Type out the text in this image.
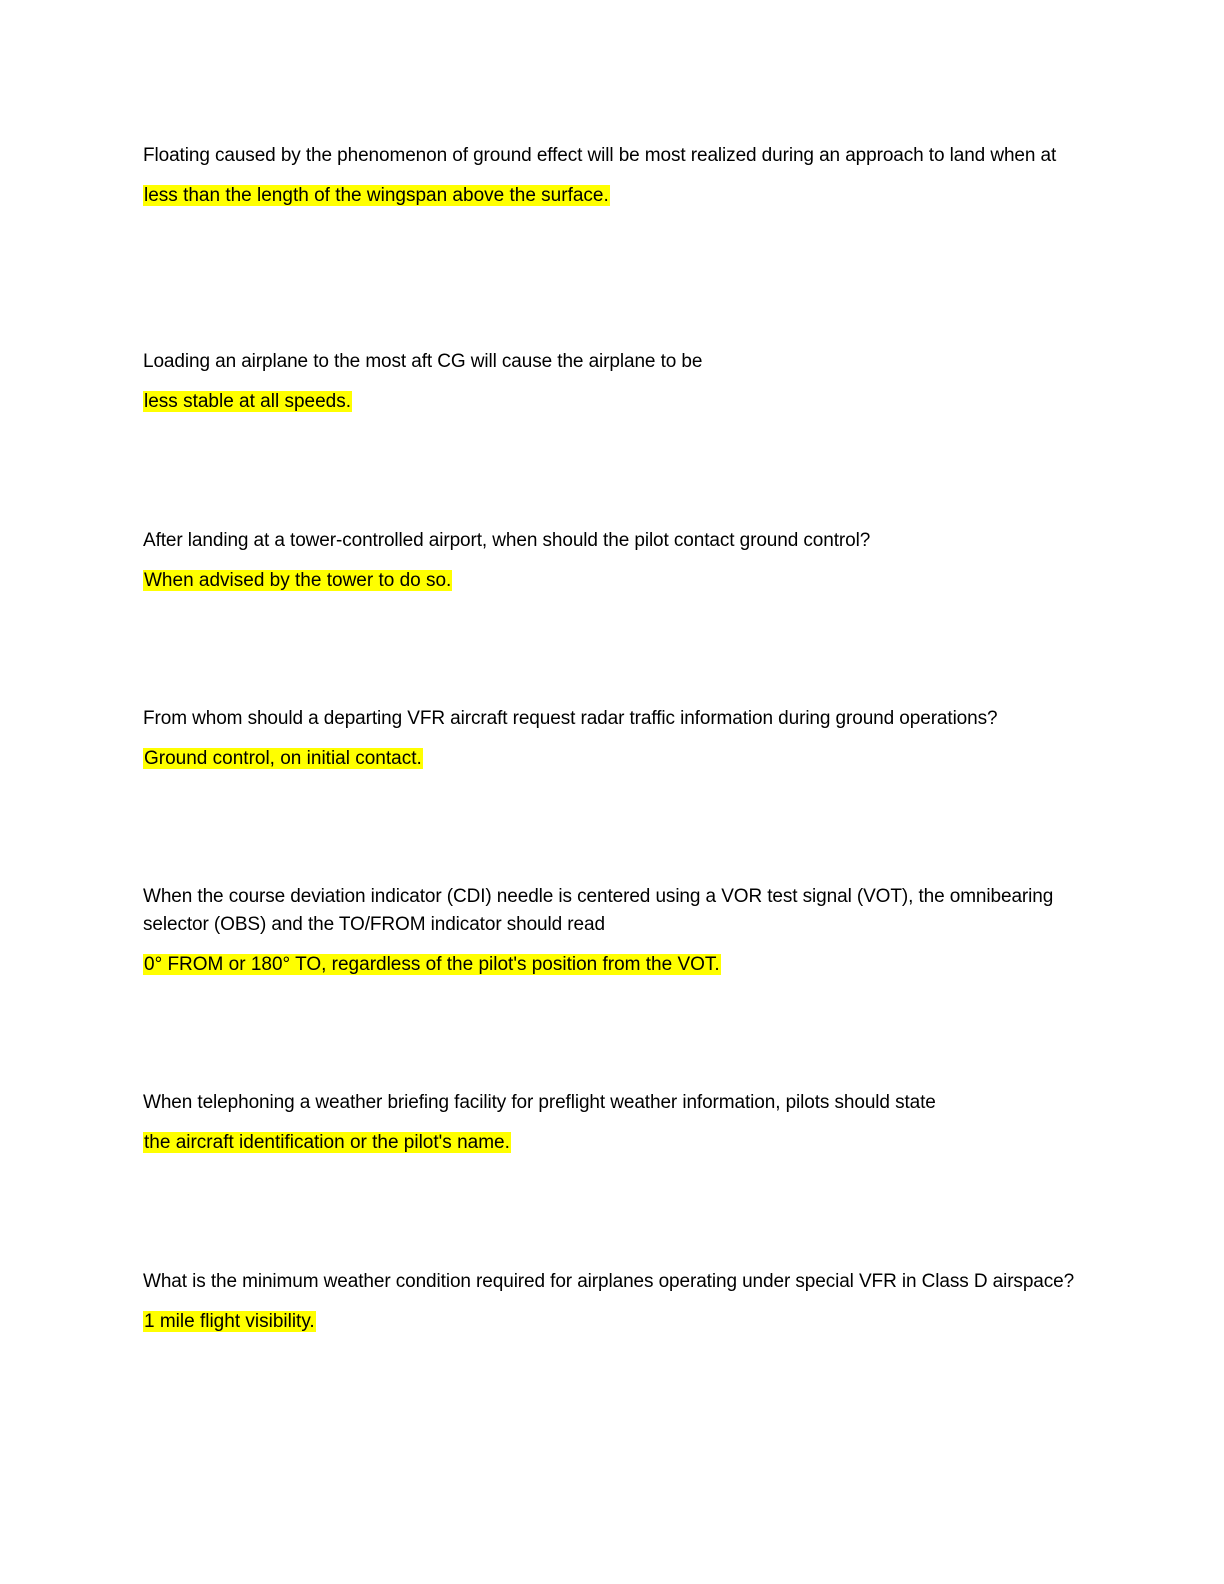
Floating caused by the phenomenon of ground effect will be most realized during an approach to land when at

less than the length of the wingspan above the surface.

Loading an airplane to the most aft CG will cause the airplane to be

less stable at all speeds.

After landing at a tower-controlled airport, when should the pilot contact ground control?

When advised by the tower to do so.

From whom should a departing VFR aircraft request radar traffic information during ground operations?

Ground control, on initial contact.

When the course deviation indicator (CDI) needle is centered using a VOR test signal (VOT), the omnibearing selector (OBS) and the TO/FROM indicator should read

0° FROM or 180° TO, regardless of the pilot's position from the VOT.

When telephoning a weather briefing facility for preflight weather information, pilots should state

the aircraft identification or the pilot's name.

What is the minimum weather condition required for airplanes operating under special VFR in Class D airspace?

1 mile flight visibility.
